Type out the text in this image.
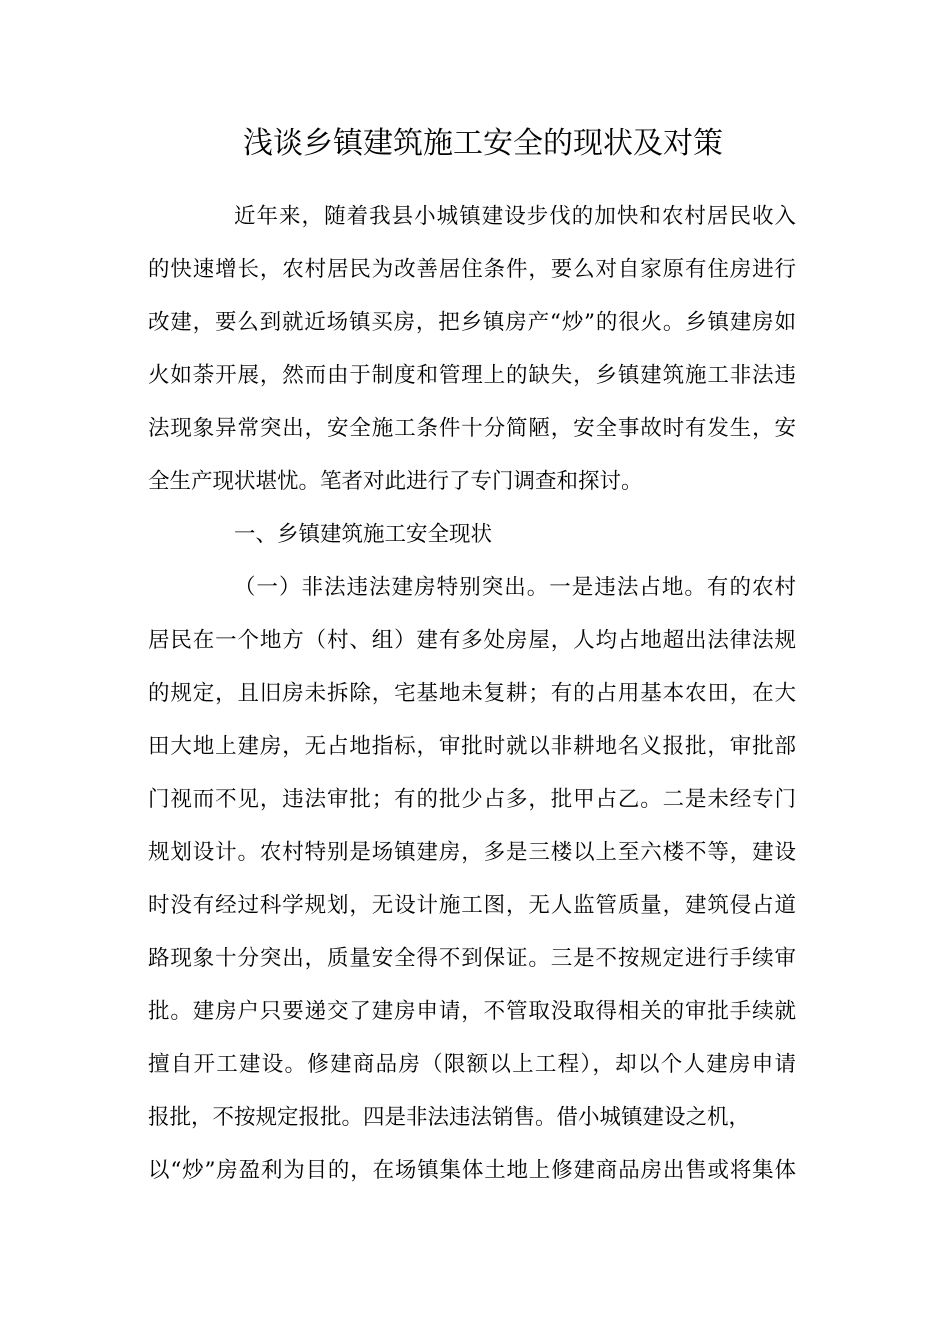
浅谈乡镇建筑施工安全的现状及对策
近年来，随着我县小城镇建设步伐的加快和农村居民收入
的快速增长，农村居民为改善居住条件，要么对自家原有住房进行
改建，要么到就近场镇买房，把乡镇房产“炒”的很火。乡镇建房如
火如荼开展，然而由于制度和管理上的缺失，乡镇建筑施工非法违
法现象异常突出，安全施工条件十分简陋，安全事故时有发生，安
全生产现状堪忧。笔者对此进行了专门调查和探讨。
一、乡镇建筑施工安全现状
（一）非法违法建房特别突出。一是违法占地。有的农村
居民在一个地方（村、组）建有多处房屋，人均占地超出法律法规
的规定，且旧房未拆除，宅基地未复耕；有的占用基本农田，在大
田大地上建房，无占地指标，审批时就以非耕地名义报批，审批部
门视而不见，违法审批；有的批少占多，批甲占乙。二是未经专门
规划设计。农村特别是场镇建房，多是三楼以上至六楼不等，建设
时没有经过科学规划，无设计施工图，无人监管质量，建筑侵占道
路现象十分突出，质量安全得不到保证。三是不按规定进行手续审
批。建房户只要递交了建房申请，不管取没取得相关的审批手续就
擅自开工建设。修建商品房（限额以上工程），却以个人建房申请
报批，不按规定报批。四是非法违法销售。借小城镇建设之机，
以“炒”房盈利为目的，在场镇集体土地上修建商品房出售或将集体
